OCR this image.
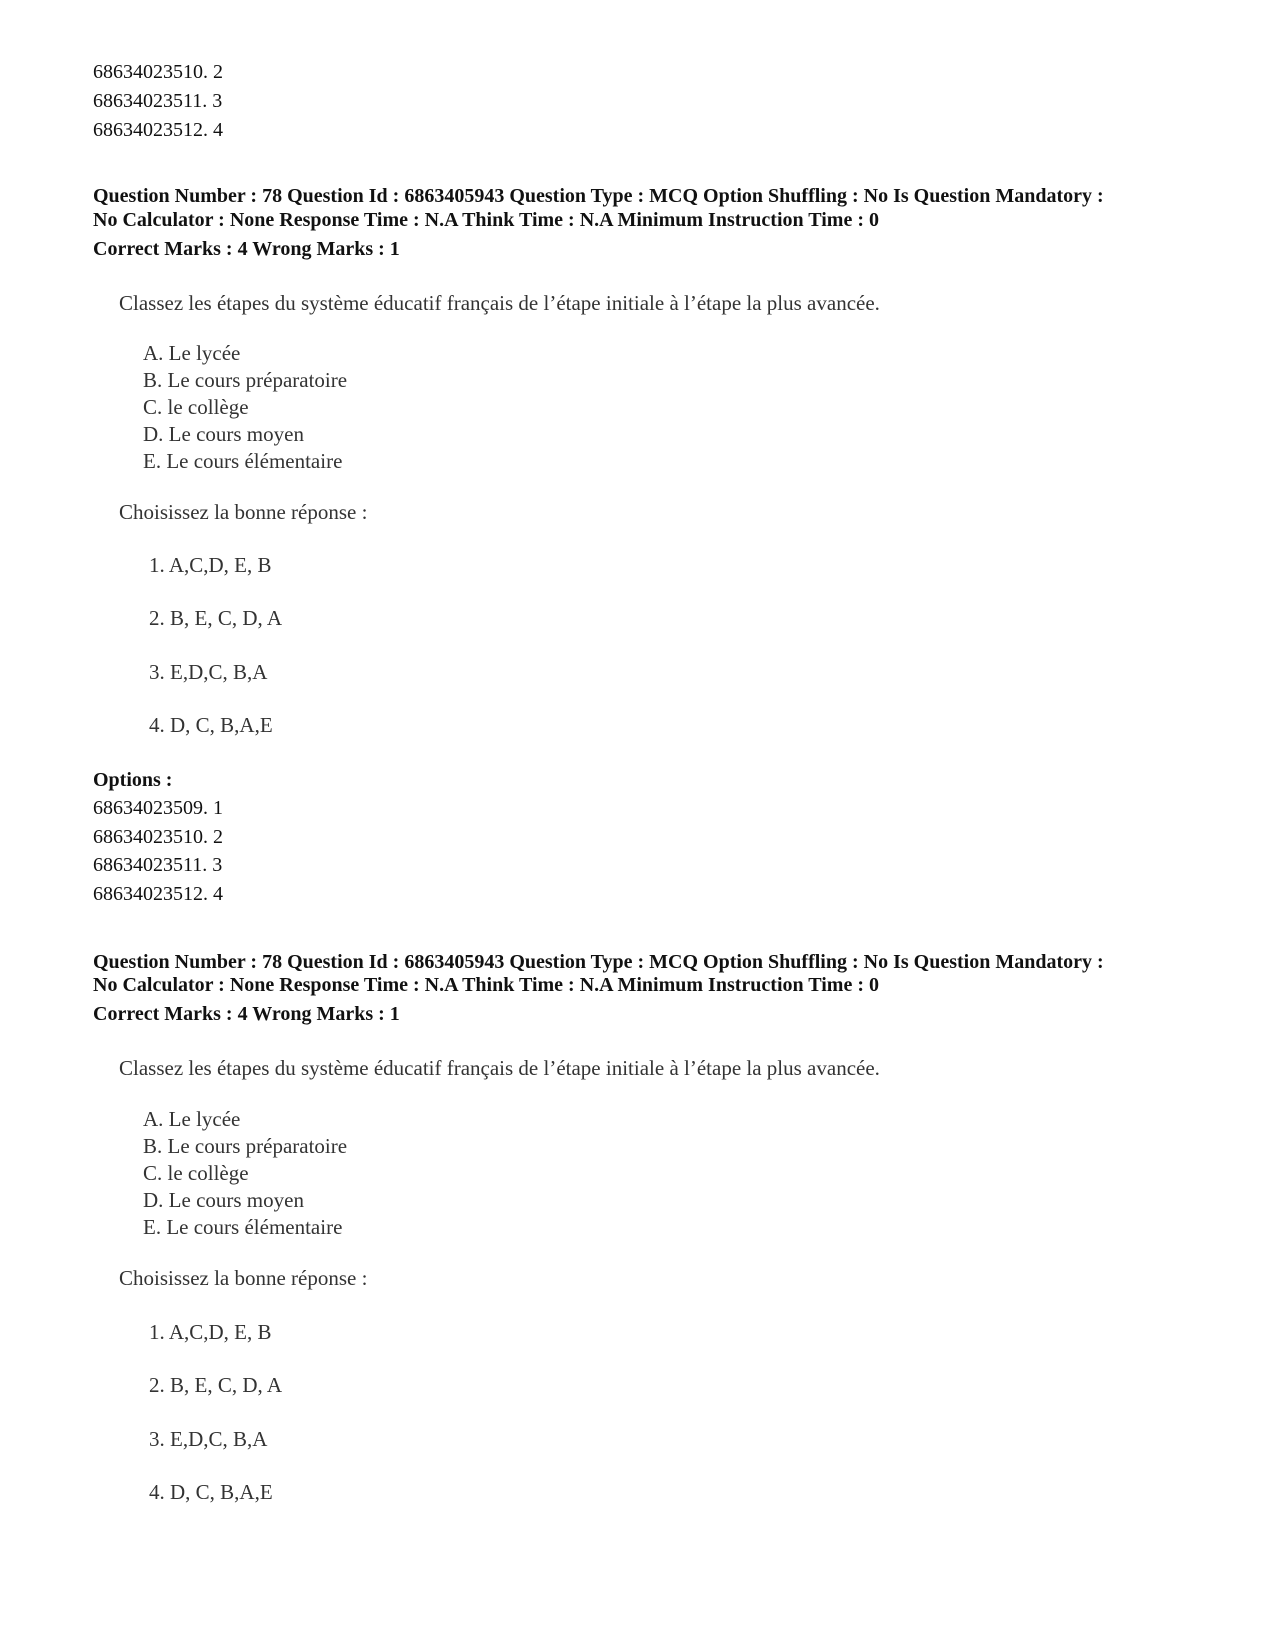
68634023510. 2
68634023511. 3
68634023512. 4
Question Number : 78 Question Id : 6863405943 Question Type : MCQ Option Shuffling : No Is Question Mandatory :
No Calculator : None Response Time : N.A Think Time : N.A Minimum Instruction Time : 0
Correct Marks : 4 Wrong Marks : 1
Classez les étapes du système éducatif français de l’étape initiale à l’étape la plus avancée.
A. Le lycée
B. Le cours préparatoire
C. le collège
D. Le cours moyen
E. Le cours élémentaire
Choisissez la bonne réponse :
1. A,C,D, E, B
2. B, E, C, D, A
3. E,D,C, B,A
4. D, C, B,A,E
Options :
68634023509. 1
68634023510. 2
68634023511. 3
68634023512. 4
Question Number : 78 Question Id : 6863405943 Question Type : MCQ Option Shuffling : No Is Question Mandatory :
No Calculator : None Response Time : N.A Think Time : N.A Minimum Instruction Time : 0
Correct Marks : 4 Wrong Marks : 1
Classez les étapes du système éducatif français de l’étape initiale à l’étape la plus avancée.
A. Le lycée
B. Le cours préparatoire
C. le collège
D. Le cours moyen
E. Le cours élémentaire
Choisissez la bonne réponse :
1. A,C,D, E, B
2. B, E, C, D, A
3. E,D,C, B,A
4. D, C, B,A,E
